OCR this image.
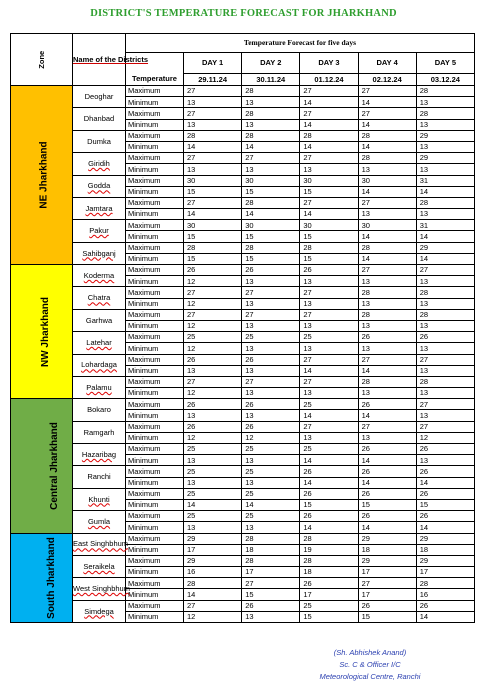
DISTRICT'S TEMPERATURE FORECAST FOR JHARKHAND
Zone	Name of the Districts	Temperature Forecast for five days					
		Temperature	DAY 1	DAY 2	DAY 3	DAY 4	DAY 5
			29.11.24	30.11.24	01.12.24	02.12.24	03.12.24
NE Jharkhand	Deoghar	Maximum	27	28	27	27	28
		Minimum	13	13	14	14	13
	Dhanbad	Maximum	27	28	27	27	28
		Minimum	13	13	14	14	13
	Dumka	Maximum	28	28	28	28	29
		Minimum	14	14	14	14	13
	Giridih	Maximum	27	27	27	28	29
		Minimum	13	13	13	13	13
	Godda	Maximum	30	30	30	30	31
		Minimum	15	15	15	14	14
	Jamtara	Maximum	27	28	27	27	28
		Minimum	14	14	14	13	13
	Pakur	Maximum	30	30	30	30	31
		Minimum	15	15	15	14	14
	Sahibganj	Maximum	28	28	28	28	29
		Minimum	15	15	15	14	14
NW Jharkhand	Koderma	Maximum	26	26	26	27	27
		Minimum	12	13	13	13	13
	Chatra	Maximum	27	27	27	28	28
		Minimum	12	13	13	13	13
	Garhwa	Maximum	27	27	27	28	28
		Minimum	12	13	13	13	13
	Latehar	Maximum	25	25	25	26	26
		Minimum	12	13	13	13	13
	Lohardaga	Maximum	26	26	27	27	27
		Minimum	13	13	14	14	13
	Palamu	Maximum	27	27	27	28	28
		Minimum	12	13	13	13	13
Central Jharkhand	Bokaro	Maximum	26	26	25	26	27
		Minimum	13	13	14	14	13
	Ramgarh	Maximum	26	26	27	27	27
		Minimum	12	12	13	13	12
	Hazaribag	Maximum	25	25	25	26	26
		Minimum	13	13	14	14	13
	Ranchi	Maximum	25	25	26	26	26
		Minimum	13	13	14	14	14
	Khunti	Maximum	25	25	26	26	26
		Minimum	14	14	15	15	15
	Gumla	Maximum	25	25	26	26	26
		Minimum	13	13	14	14	14
South Jharkhand	East Singhbhum	Maximum	29	28	28	29	29
		Minimum	17	18	19	18	18
	Seraikela	Maximum	29	28	28	29	29
		Minimum	16	17	18	17	17
	West Singhbhum	Maximum	28	27	26	27	28
		Minimum	14	15	17	17	16
	Simdega	Maximum	27	26	25	26	26
		Minimum	12	13	15	15	14
(Sh. Abhishek Anand)
Sc. C & Officer I/C
Meteorological Centre, Ranchi
